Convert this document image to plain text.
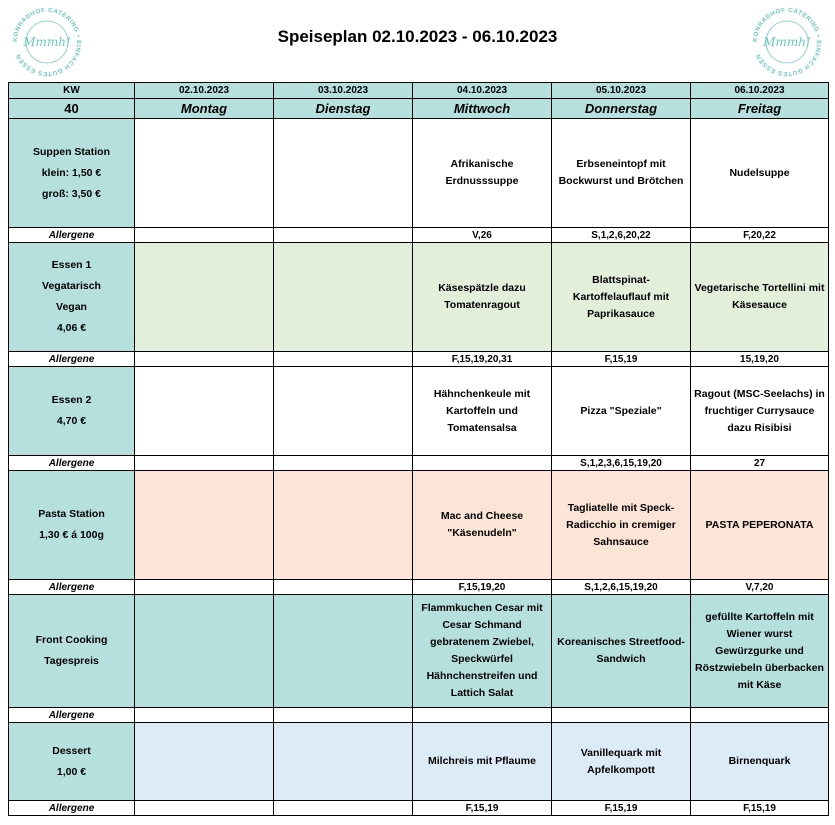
KONRADHOF CATERING • EINFACH GUTES ESSEN
Mmmh!	KONRADHOF CATERING • EINFACH GUTES ESSEN
Mmmh!
Speiseplan 02.10.2023 - 06.10.2023
KW	02.10.2023	03.10.2023	04.10.2023	05.10.2023	06.10.2023
40	Montag	Dienstag	Mittwoch	Donnerstag	Freitag

Suppen Station
klein: 1,50 €
groß: 3,50 €			Afrikanische Erdnusssuppe	Erbseneintopf mit Bockwurst und Brötchen	Nudelsuppe

Allergene			V,26	S,1,2,6,20,22	F,20,22

Essen 1
Vegatarisch
Vegan
4,06 €			Käsespätzle dazu Tomatenragout	Blattspinat-Kartoffelauflauf mit Paprikasauce	Vegetarische Tortellini mit Käsesauce

Allergene			F,15,19,20,31	F,15,19	15,19,20

Essen 2
4,70 €			Hähnchenkeule mit Kartoffeln und Tomatensalsa	Pizza "Speziale"	Ragout (MSC-Seelachs) in fruchtiger Currysauce dazu Risibisi

Allergene				S,1,2,3,6,15,19,20	27

Pasta Station
1,30 € á 100g			Mac and Cheese "Käsenudeln"	Tagliatelle mit Speck-Radicchio in cremiger Sahnsauce	PASTA PEPERONATA

Allergene			F,15,19,20	S,1,2,6,15,19,20	V,7,20

Front Cooking
Tagespreis			Flammkuchen Cesar mit Cesar Schmand gebratenem Zwiebel, Speckwürfel Hähnchenstreifen und Lattich Salat	Koreanisches Streetfood-Sandwich	gefüllte Kartoffeln mit Wiener wurst Gewürzgurke und Röstzwiebeln überbacken mit Käse

Allergene					

Dessert
1,00 €			Milchreis mit Pflaume	Vanillequark mit Apfelkompott	Birnenquark

Allergene			F,15,19	F,15,19	F,15,19
